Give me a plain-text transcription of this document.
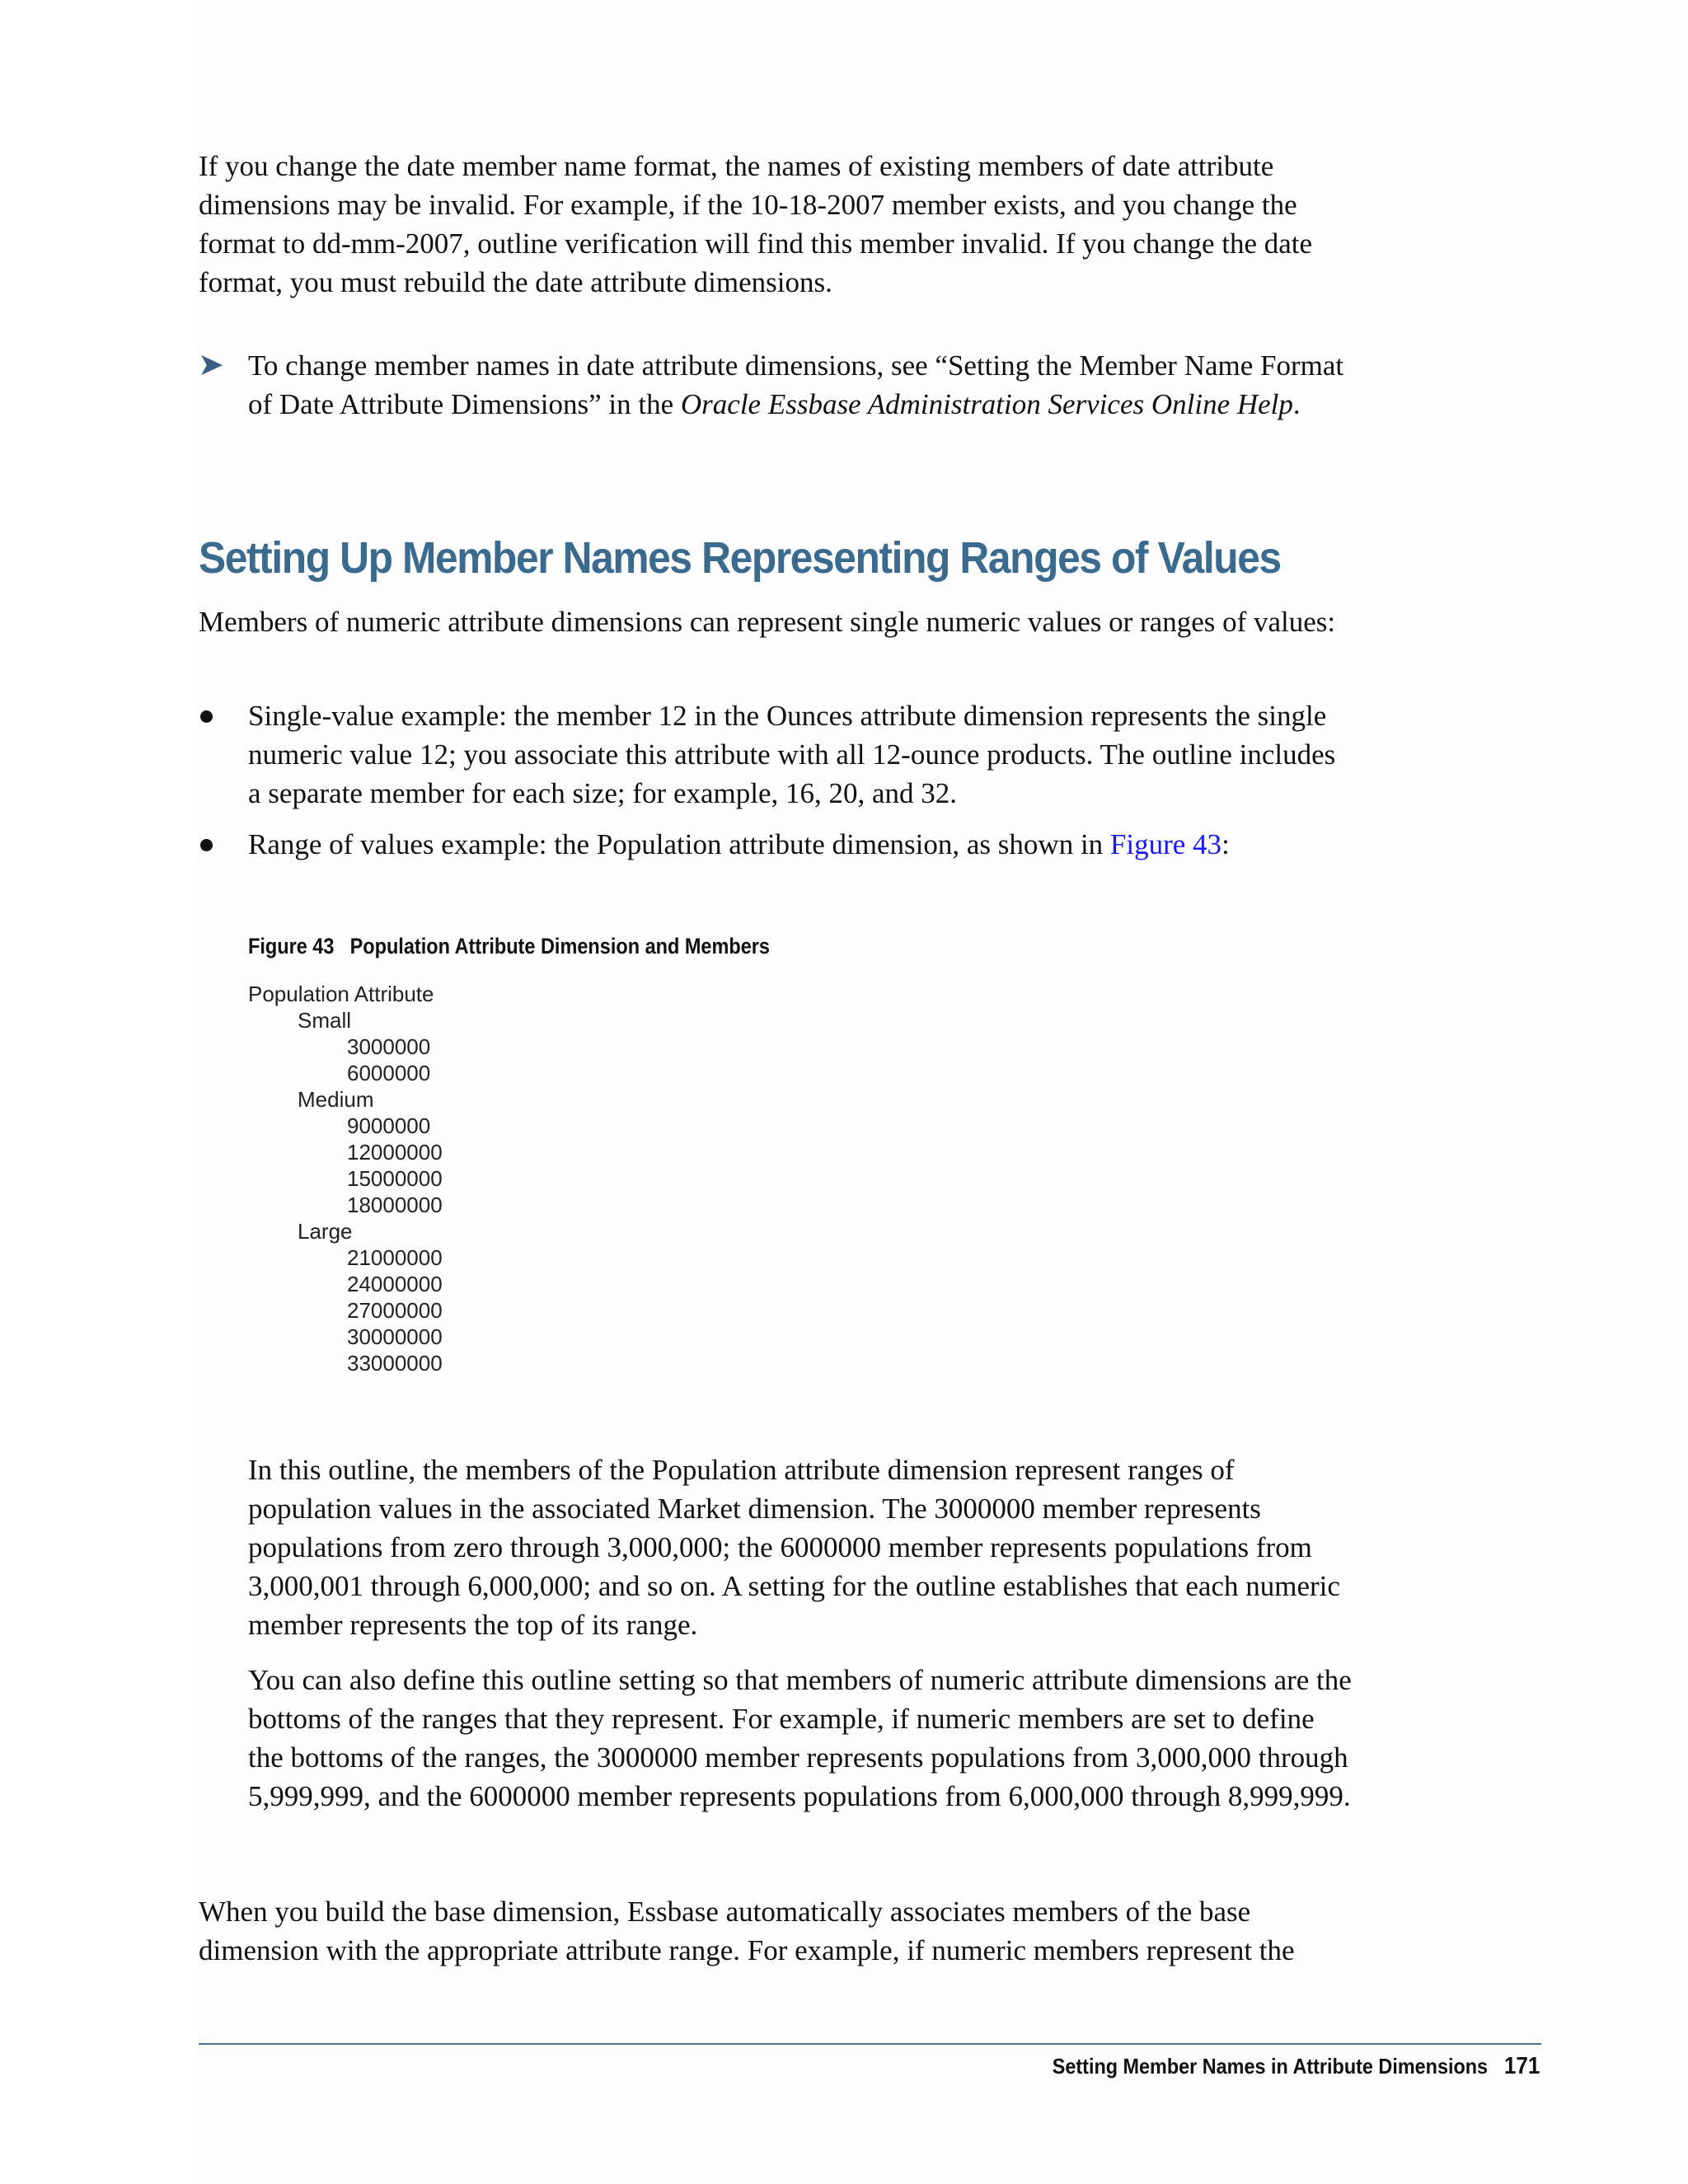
If you change the date member name format, the names of existing members of date attribute dimensions may be invalid. For example, if the 10-18-2007 member exists, and you change the format to dd-mm-2007, outline verification will find this member invalid. If you change the date format, you must rebuild the date attribute dimensions.

➤ To change member names in date attribute dimensions, see “Setting the Member Name Format of Date Attribute Dimensions” in the Oracle Essbase Administration Services Online Help.

Setting Up Member Names Representing Ranges of Values

Members of numeric attribute dimensions can represent single numeric values or ranges of values:

Single-value example: the member 12 in the Ounces attribute dimension represents the single numeric value 12; you associate this attribute with all 12-ounce products. The outline includes a separate member for each size; for example, 16, 20, and 32.

Range of values example: the Population attribute dimension, as shown in Figure 43:

Figure 43 Population Attribute Dimension and Members
Population Attribute
Small
3000000
6000000
Medium
9000000
12000000
15000000
18000000
Large
21000000
24000000
27000000
30000000
33000000

In this outline, the members of the Population attribute dimension represent ranges of population values in the associated Market dimension. The 3000000 member represents populations from zero through 3,000,000; the 6000000 member represents populations from 3,000,001 through 6,000,000; and so on. A setting for the outline establishes that each numeric member represents the top of its range.

You can also define this outline setting so that members of numeric attribute dimensions are the bottoms of the ranges that they represent. For example, if numeric members are set to define the bottoms of the ranges, the 3000000 member represents populations from 3,000,000 through 5,999,999, and the 6000000 member represents populations from 6,000,000 through 8,999,999.

When you build the base dimension, Essbase automatically associates members of the base dimension with the appropriate attribute range. For example, if numeric members represent the

Setting Member Names in Attribute Dimensions 171
